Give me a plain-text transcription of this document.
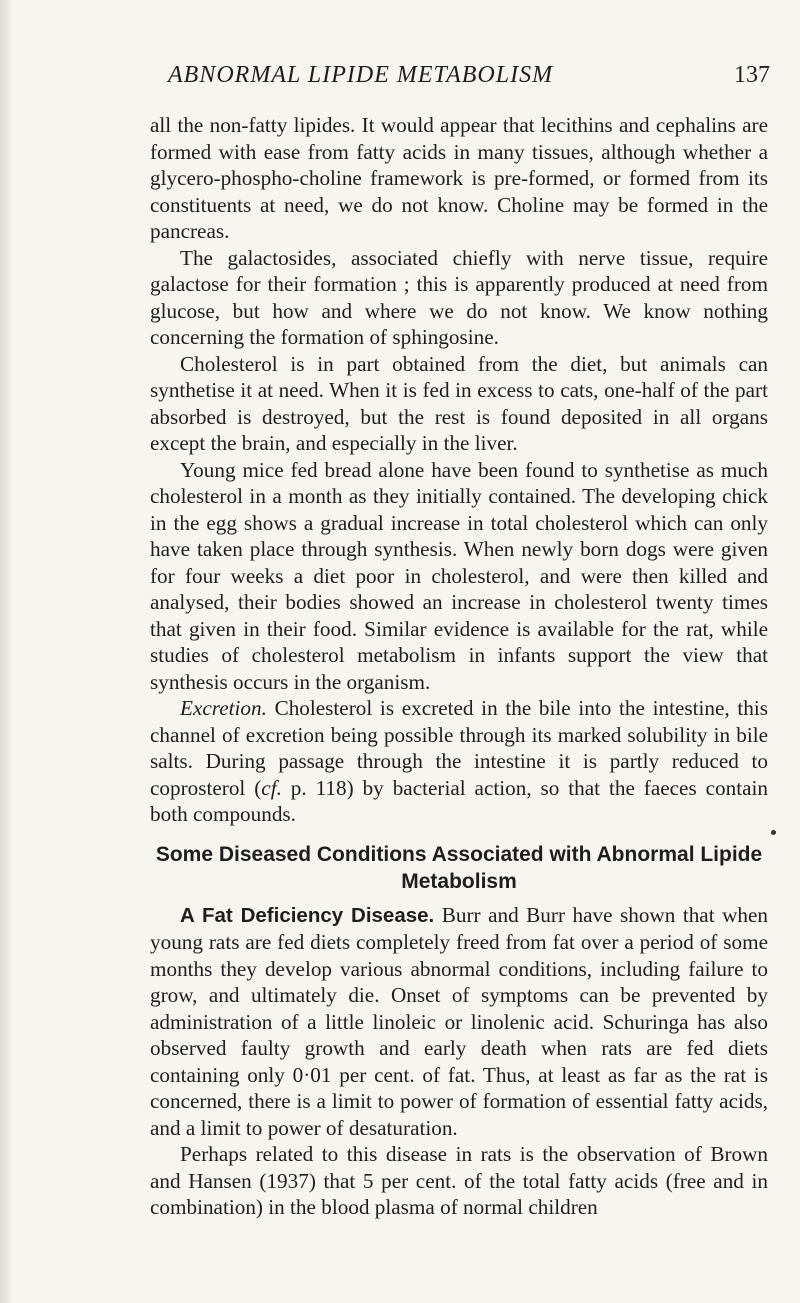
ABNORMAL LIPIDE METABOLISM	137

all the non-fatty lipides. It would appear that lecithins and cephalins are formed with ease from fatty acids in many tissues, although whether a glycero-phospho-choline framework is pre-formed, or formed from its constituents at need, we do not know. Choline may be formed in the pancreas.

The galactosides, associated chiefly with nerve tissue, require galactose for their formation ; this is apparently produced at need from glucose, but how and where we do not know. We know nothing concerning the formation of sphingosine.

Cholesterol is in part obtained from the diet, but animals can synthetise it at need. When it is fed in excess to cats, one-half of the part absorbed is destroyed, but the rest is found deposited in all organs except the brain, and especially in the liver.

Young mice fed bread alone have been found to synthetise as much cholesterol in a month as they initially contained. The developing chick in the egg shows a gradual increase in total cholesterol which can only have taken place through synthesis. When newly born dogs were given for four weeks a diet poor in cholesterol, and were then killed and analysed, their bodies showed an increase in cholesterol twenty times that given in their food. Similar evidence is available for the rat, while studies of cholesterol metabolism in infants support the view that synthesis occurs in the organism.

Excretion. Cholesterol is excreted in the bile into the intestine, this channel of excretion being possible through its marked solubility in bile salts. During passage through the intestine it is partly reduced to coprosterol (cf. p. 118) by bacterial action, so that the faeces contain both compounds.

Some Diseased Conditions Associated with Abnormal Lipide Metabolism

A Fat Deficiency Disease. Burr and Burr have shown that when young rats are fed diets completely freed from fat over a period of some months they develop various abnormal conditions, including failure to grow, and ultimately die. Onset of symptoms can be prevented by administration of a little linoleic or linolenic acid. Schuringa has also observed faulty growth and early death when rats are fed diets containing only 0·01 per cent. of fat. Thus, at least as far as the rat is concerned, there is a limit to power of formation of essential fatty acids, and a limit to power of desaturation.

Perhaps related to this disease in rats is the observation of Brown and Hansen (1937) that 5 per cent. of the total fatty acids (free and in combination) in the blood plasma of normal children
